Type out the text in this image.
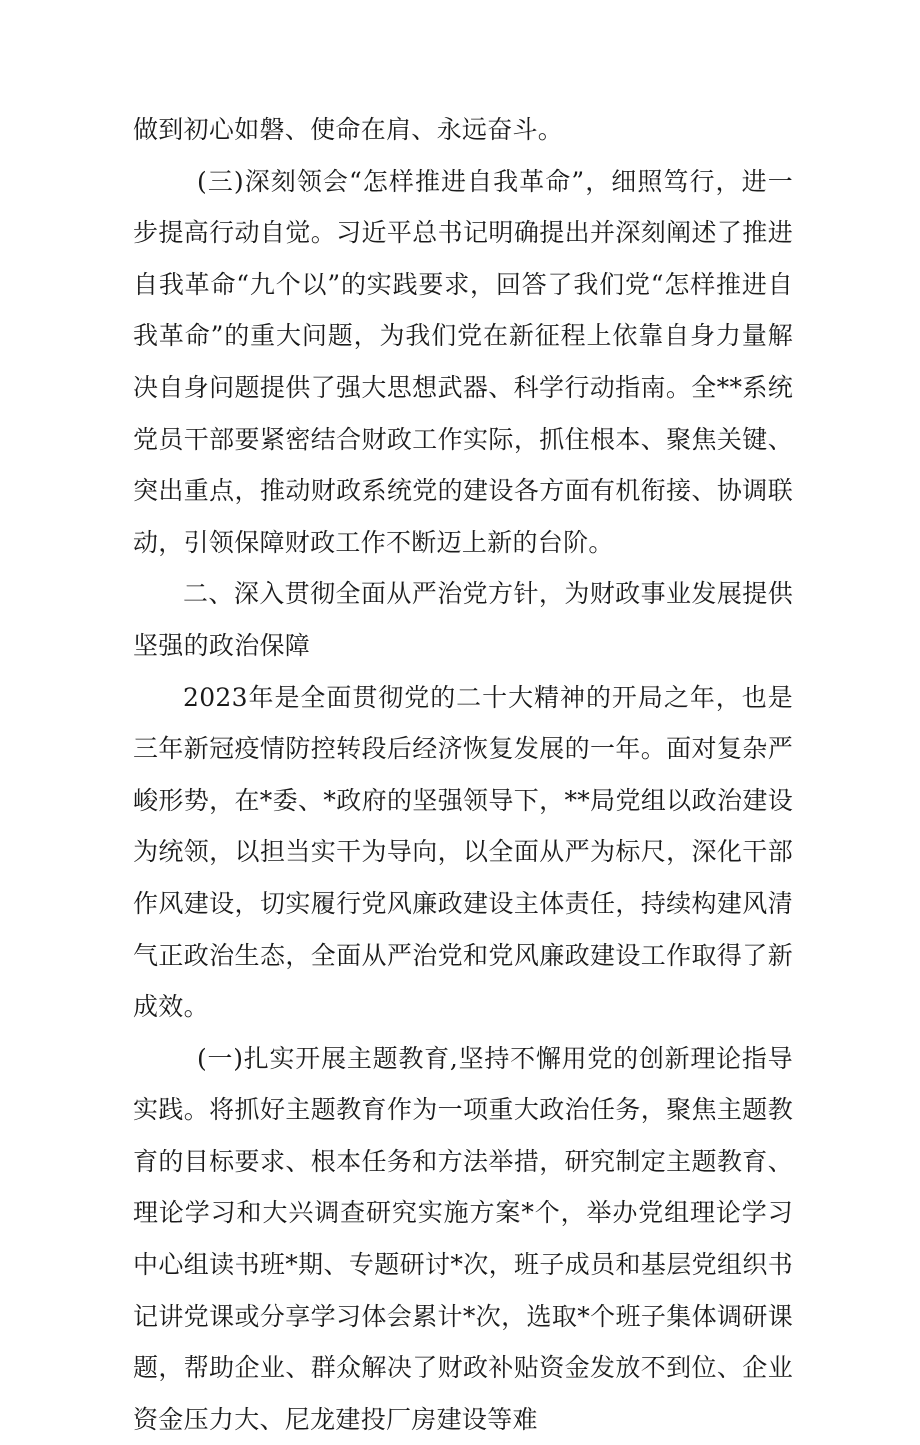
做到初心如磐、使命在肩、永远奋斗。

(三)深刻领会“怎样推进自我革命”，细照笃行，进一步提高行动自觉。习近平总书记明确提出并深刻阐述了推进自我革命“九个以”的实践要求，回答了我们党“怎样推进自我革命”的重大问题，为我们党在新征程上依靠自身力量解决自身问题提供了强大思想武器、科学行动指南。全**系统党员干部要紧密结合财政工作实际，抓住根本、聚焦关键、突出重点，推动财政系统党的建设各方面有机衔接、协调联动，引领保障财政工作不断迈上新的台阶。

二、深入贯彻全面从严治党方针，为财政事业发展提供坚强的政治保障

2023年是全面贯彻党的二十大精神的开局之年，也是三年新冠疫情防控转段后经济恢复发展的一年。面对复杂严峻形势，在*委、*政府的坚强领导下，**局党组以政治建设为统领，以担当实干为导向，以全面从严为标尺，深化干部作风建设，切实履行党风廉政建设主体责任，持续构建风清气正政治生态，全面从严治党和党风廉政建设工作取得了新成效。

(一)扎实开展主题教育,坚持不懈用党的创新理论指导实践。将抓好主题教育作为一项重大政治任务，聚焦主题教育的目标要求、根本任务和方法举措，研究制定主题教育、理论学习和大兴调查研究实施方案*个，举办党组理论学习中心组读书班*期、专题研讨*次，班子成员和基层党组织书记讲党课或分享学习体会累计*次，选取*个班子集体调研课题，帮助企业、群众解决了财政补贴资金发放不到位、企业资金压力大、尼龙建投厂房建设等难
